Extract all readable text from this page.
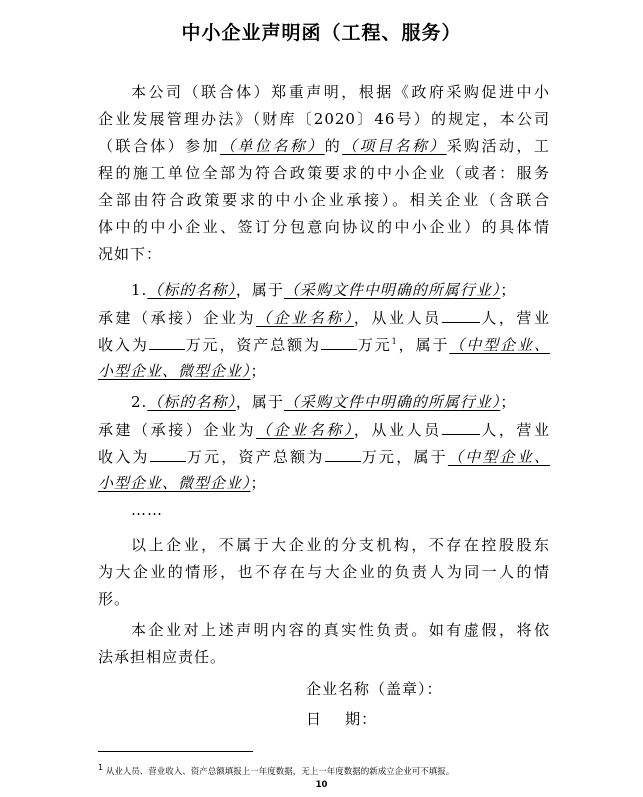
中小企业声明函（工程、服务）
本公司（联合体）郑重声明，根据《政府采购促进中小
企业发展管理办法》（财库〔2020〕46号）的规定，本公司
（联合体）参加（单位名称）的（项目名称）采购活动，工
程的施工单位全部为符合政策要求的中小企业（或者：服务
全部由符合政策要求的中小企业承接）。相关企业（含联合
体中的中小企业、签订分包意向协议的中小企业）的具体情
况如下：
1.（标的名称），属于（采购文件中明确的所属行业）；
承建（承接）企业为（企业名称），从业人员	人，营业
收入为 万元，资产总额为 万元$^1$，属于（中型企业、
小型企业、微型企业）；
2.（标的名称），属于（采购文件中明确的所属行业）；
承建（承接）企业为（企业名称），从业人员	人，营业
收入为 万元，资产总额为 万元，属于（中型企业、
小型企业、微型企业）；
……
以上企业，不属于大企业的分支机构，不存在控股股东
为大企业的情形，也不存在与大企业的负责人为同一人的情
形。
本企业对上述声明内容的真实性负责。如有虚假，将依
法承担相应责任。
企业名称（盖章）：
日    期：
$^1$ 从业人员、营业收入、资产总额填报上一年度数据，无上一年度数据的新成立企业可不填报。
10
